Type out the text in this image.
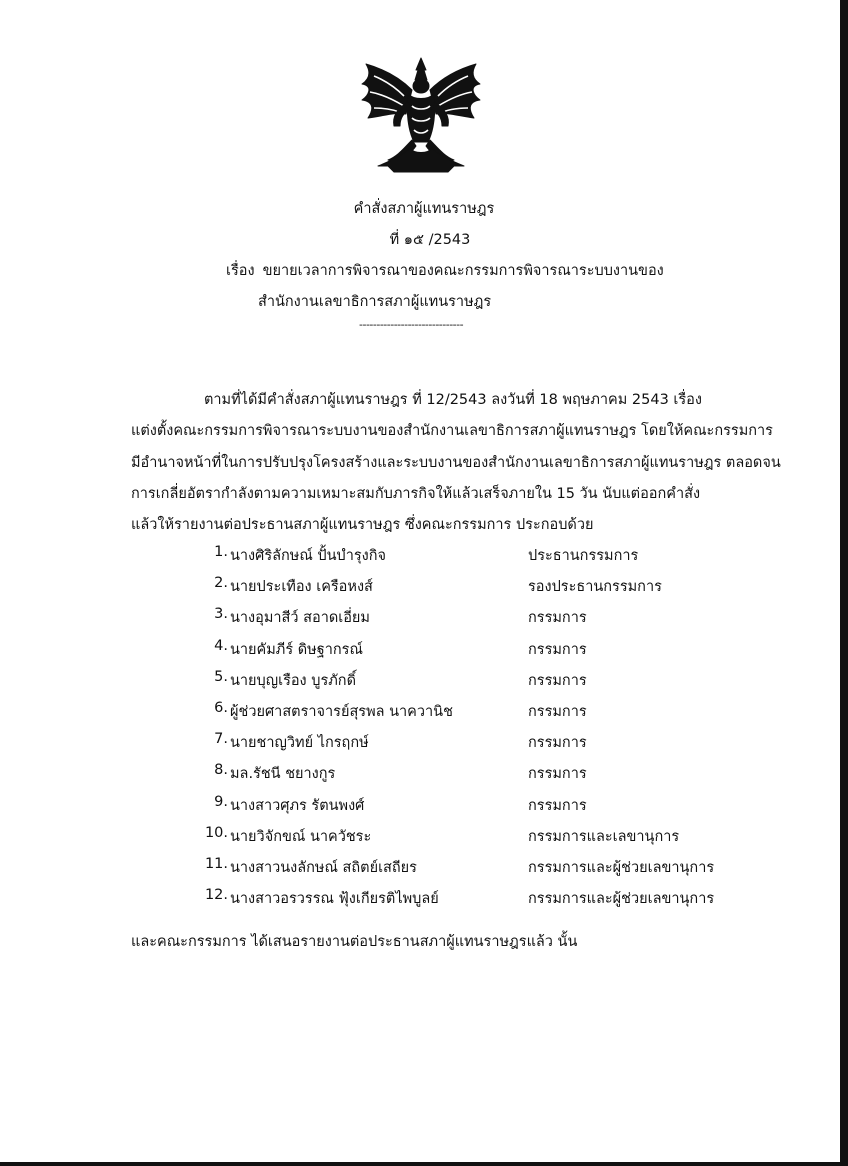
คำสั่งสภาผู้แทนราษฎร
ที่ ๑๕ /2543
เรื่อง ขยายเวลาการพิจารณาของคณะกรรมการพิจารณาระบบงานของ
สำนักงานเลขาธิการสภาผู้แทนราษฎร
------------------------------
ตามที่ได้มีคำสั่งสภาผู้แทนราษฎร ที่ 12/2543 ลงวันที่ 18 พฤษภาคม 2543 เรื่อง
แต่งตั้งคณะกรรมการพิจารณาระบบงานของสำนักงานเลขาธิการสภาผู้แทนราษฎร โดยให้คณะกรรมการ
มีอำนาจหน้าที่ในการปรับปรุงโครงสร้างและระบบงานของสำนักงานเลขาธิการสภาผู้แทนราษฎร ตลอดจน
การเกลี่ยอัตรากำลังตามความเหมาะสมกับภารกิจให้แล้วเสร็จภายใน 15 วัน นับแต่ออกคำสั่ง
แล้วให้รายงานต่อประธานสภาผู้แทนราษฎร ซึ่งคณะกรรมการ ประกอบด้วย
1. นางศิริลักษณ์ ปั้นบำรุงกิจ	ประธานกรรมการ
2. นายประเทือง เครือหงส์	รองประธานกรรมการ
3. นางอุมาสีว์ สอาดเอี่ยม	กรรมการ
4. นายคัมภีร์ ดิษฐากรณ์	กรรมการ
5. นายบุญเรือง บูรภักดิ์	กรรมการ
6. ผู้ช่วยศาสตราจารย์สุรพล นาควานิช	กรรมการ
7. นายชาญวิทย์ ไกรฤกษ์	กรรมการ
8. มล.รัชนี ชยางกูร	กรรมการ
9. นางสาวศุภร รัตนพงศ์	กรรมการ
10. นายวิจักขณ์ นาควัชระ	กรรมการและเลขานุการ
11. นางสาวนงลักษณ์ สถิตย์เสถียร	กรรมการและผู้ช่วยเลขานุการ
12. นางสาวอรวรรณ ฟุ้งเกียรติไพบูลย์	กรรมการและผู้ช่วยเลขานุการ
และคณะกรรมการ ได้เสนอรายงานต่อประธานสภาผู้แทนราษฎรแล้ว นั้น
